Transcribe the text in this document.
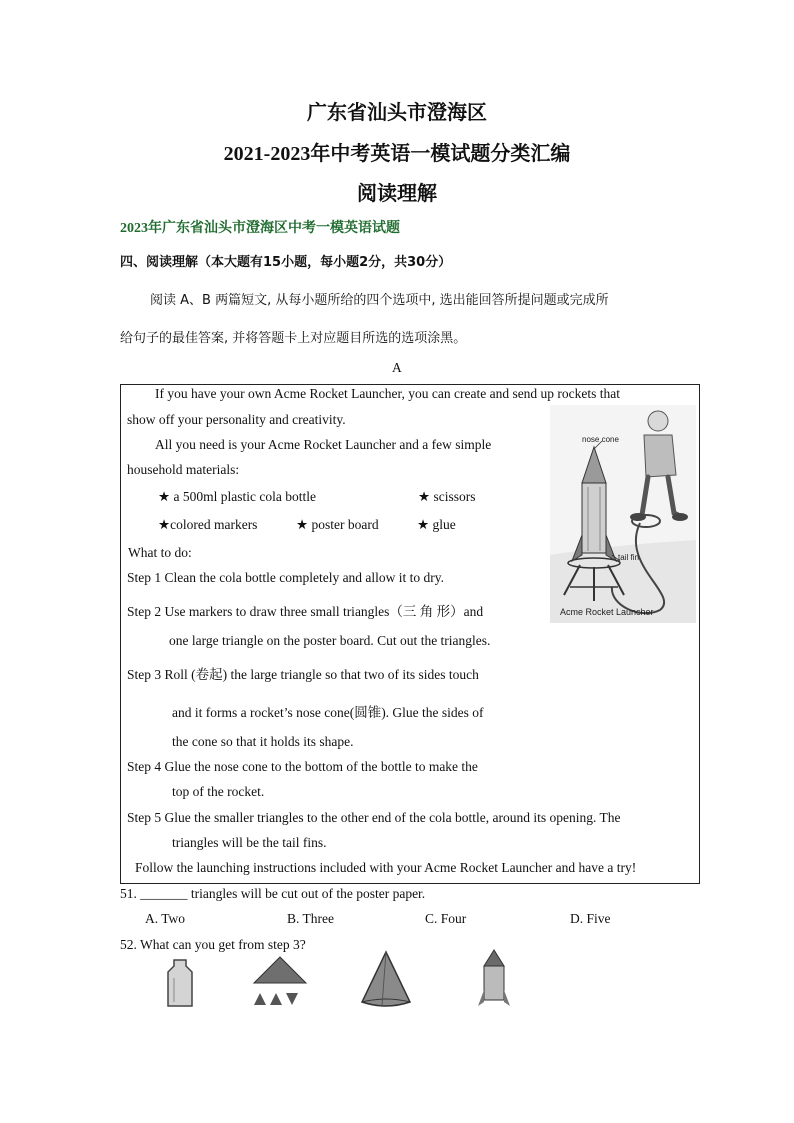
广东省汕头市澄海区
2021-2023年中考英语一模试题分类汇编
阅读理解
2023年广东省汕头市澄海区中考一模英语试题
四、阅读理解（本大题有15小题，每小题2分，共30分）
阅读 A、B 两篇短文, 从每小题所给的四个选项中, 选出能回答所提问题或完成所
给句子的最佳答案, 并将答题卡上对应题目所选的选项涂黑。
A
If you have your own Acme Rocket Launcher, you can create and send up rockets that
show off your personality and creativity.
All you need is your Acme Rocket Launcher and a few simple
household materials:
★ a 500ml plastic cola bottle	★ scissors
★colored markers	★ poster board	★ glue
What to do:
Step 1 Clean the cola bottle completely and allow it to dry.
Step 2 Use markers to draw three small triangles（三 角 形）and
one large triangle on the poster board. Cut out the triangles.
Step 3 Roll (卷起) the large triangle so that two of its sides touch
and it forms a rocket’s nose cone(圆锥). Glue the sides of
the cone so that it holds its shape.
Step 4 Glue the nose cone to the bottom of the bottle to make the
top of the rocket.
Step 5 Glue the smaller triangles to the other end of the cola bottle, around its opening. The
triangles will be the tail fins.
Follow the launching instructions included with your Acme Rocket Launcher and have a try!
nose cone
tail fin
Acme Rocket Launcher
51. _______ triangles will be cut out of the poster paper.
A. Two	B. Three	C. Four	D. Five
52. What can you get from step 3?
